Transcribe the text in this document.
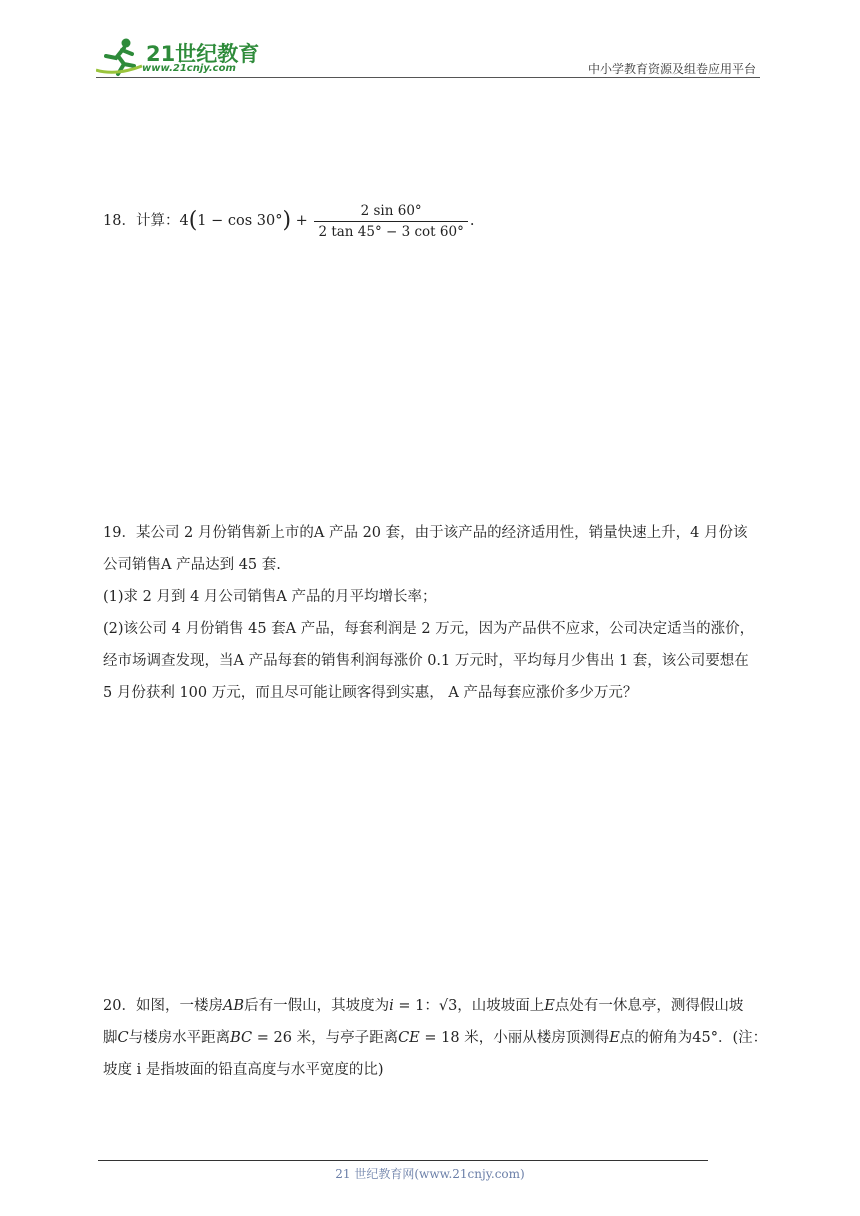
21世纪教育
www.21cnjy.com	中小学教育资源及组卷应用平台
18．计算： 4 ( 1 − cos 30° ) + $\frac{2 \sin 60^\circ}{2 \tan 45^\circ - 3 \cot 60^\circ}$ .

19．某公司 2 月份销售新上市的A 产品 20 套，由于该产品的经济适用性，销量快速上升，4 月份该

公司销售A 产品达到 45 套.

(1)求 2 月到 4 月公司销售A 产品的月平均增长率；

(2)该公司 4 月份销售 45 套A 产品，每套利润是 2 万元，因为产品供不应求，公司决定适当的涨价，

经市场调查发现，当A 产品每套的销售利润每涨价 0.1 万元时，平均每月少售出 1 套，该公司要想在

5 月份获利 100 万元，而且尽可能让顾客得到实惠， A 产品每套应涨价多少万元？

20．如图，一楼房AB后有一假山，其坡度为i = 1：√3，山坡坡面上E点处有一休息亭，测得假山坡

脚C与楼房水平距离BC = 26 米，与亭子距离CE = 18 米，小丽从楼房顶测得E点的俯角为45°．(注：

坡度 i 是指坡面的铅直高度与水平宽度的比)

21 世纪教育网(www.21cnjy.com)
